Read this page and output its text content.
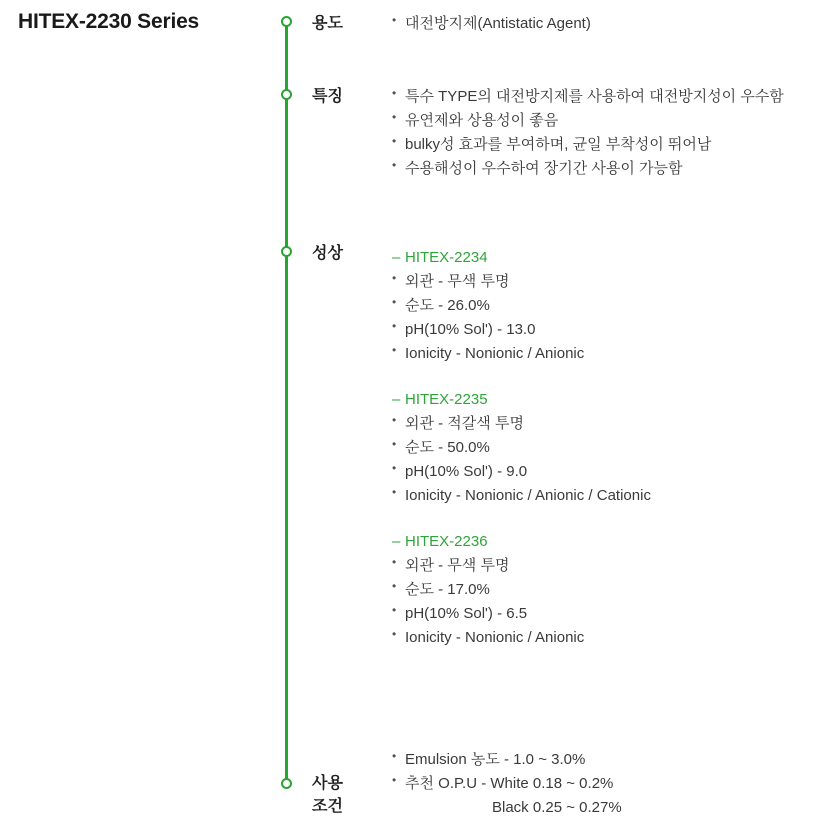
HITEX-2230 Series	용도	• 대전방지제(Antistatic Agent)
특징	• 특수 TYPE의 대전방지제를 사용하여 대전방지성이 우수함
• 유연제와 상용성이 좋음
• bulky성 효과를 부여하며, 균일 부착성이 뛰어남
• 수용해성이 우수하여 장기간 사용이 가능함
성상	– HITEX-2234
• 외관 - 무색 투명
• 순도 - 26.0%
• pH(10% Sol') - 13.0
• Ionicity - Nonionic / Anionic
– HITEX-2235
• 외관 - 적갈색 투명
• 순도 - 50.0%
• pH(10% Sol') - 9.0
• Ionicity - Nonionic / Anionic / Cationic
– HITEX-2236
• 외관 - 무색 투명
• 순도 - 17.0%
• pH(10% Sol') - 6.5
• Ionicity - Nonionic / Anionic
사용
조건
• Emulsion 농도 - 1.0 ~ 3.0%
• 추천 O.P.U - White 0.18 ~ 0.2%
Black 0.25 ~ 0.27%
